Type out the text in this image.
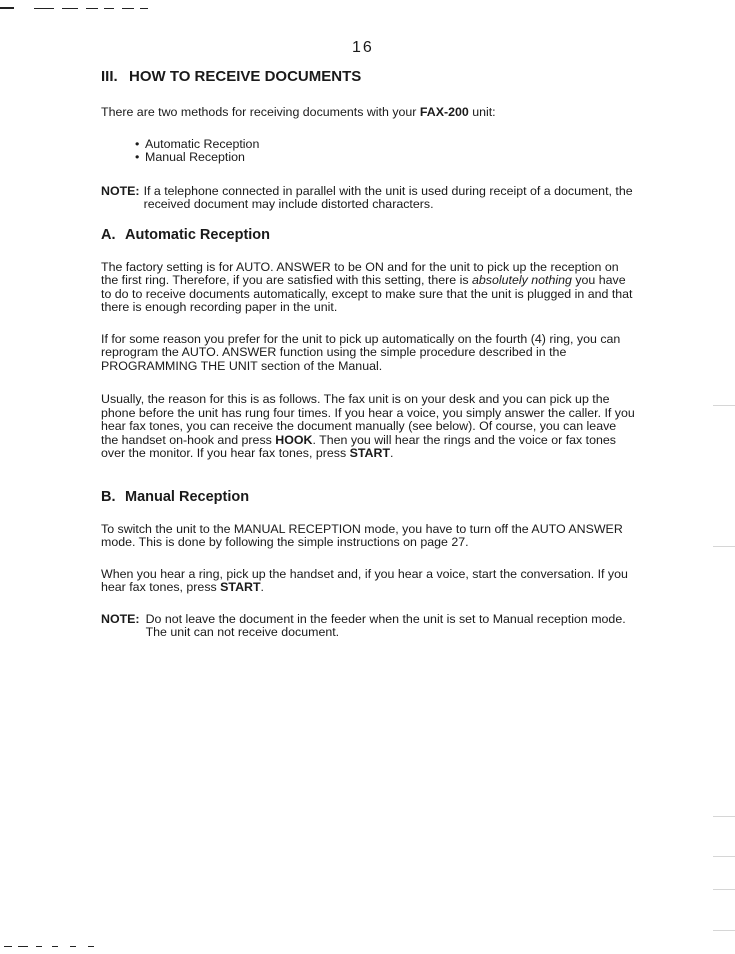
16
III. HOW TO RECEIVE DOCUMENTS

There are two methods for receiving documents with your FAX-200 unit:

• Automatic Reception
• Manual Reception
NOTE: If a telephone connected in parallel with the unit is used during receipt of a document, the received document may include distorted characters.
A. Automatic Reception

The factory setting is for AUTO. ANSWER to be ON and for the unit to pick up the reception on the first ring. Therefore, if you are satisfied with this setting, there is absolutely nothing you have to do to receive documents automatically, except to make sure that the unit is plugged in and that there is enough recording paper in the unit.

If for some reason you prefer for the unit to pick up automatically on the fourth (4) ring, you can reprogram the AUTO. ANSWER function using the simple procedure described in the PROGRAMMING THE UNIT section of the Manual.

Usually, the reason for this is as follows. The fax unit is on your desk and you can pick up the phone before the unit has rung four times. If you hear a voice, you simply answer the caller. If you hear fax tones, you can receive the document manually (see below). Of course, you can leave the handset on-hook and press HOOK. Then you will hear the rings and the voice or fax tones over the monitor. If you hear fax tones, press START.

B. Manual Reception

To switch the unit to the MANUAL RECEPTION mode, you have to turn off the AUTO ANSWER mode. This is done by following the simple instructions on page 27.

When you hear a ring, pick up the handset and, if you hear a voice, start the conversation. If you hear fax tones, press START.

NOTE: Do not leave the document in the feeder when the unit is set to Manual reception mode. The unit can not receive document.
